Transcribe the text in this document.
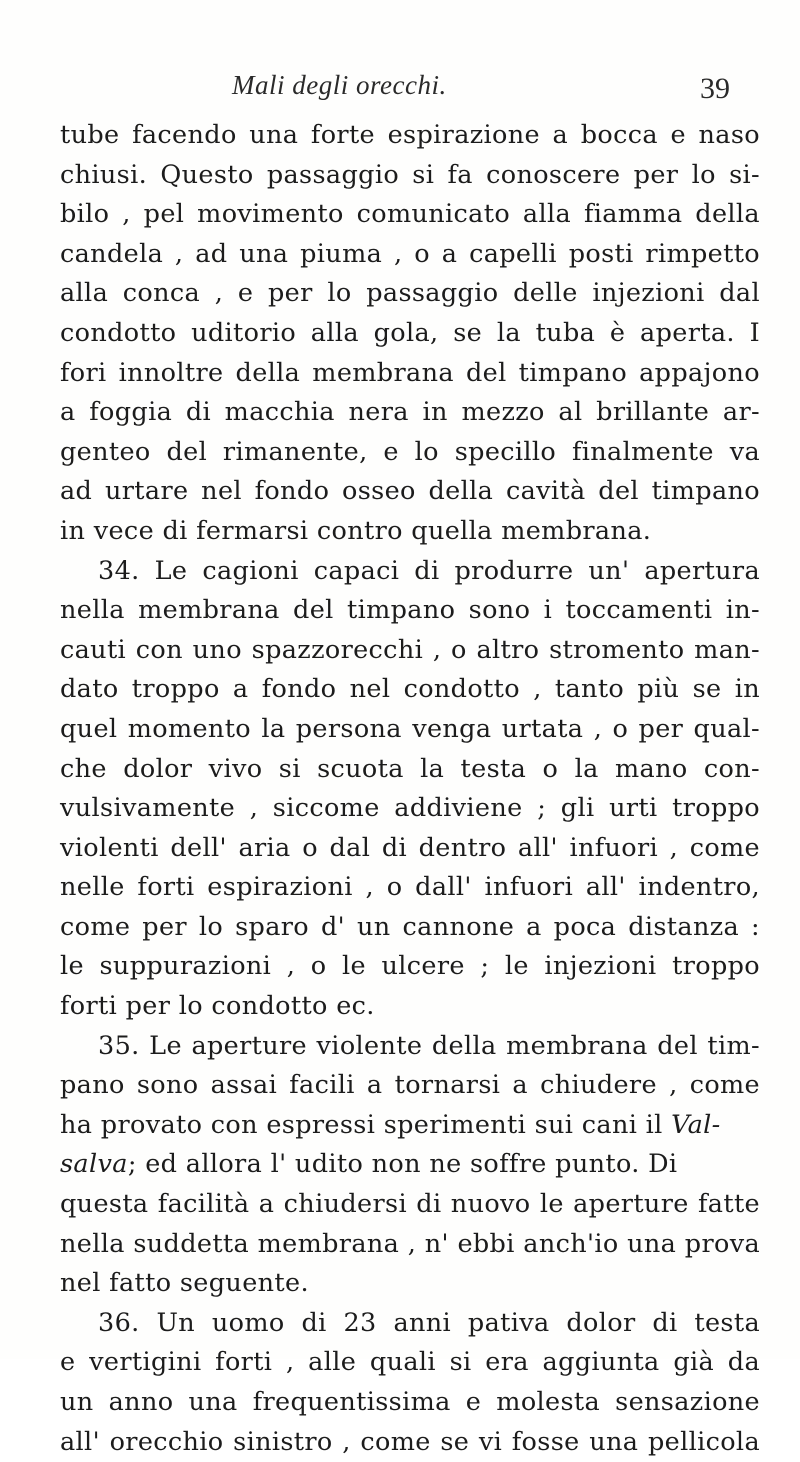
Mali degli orecchi.	39
tube facendo una forte espirazione a bocca e naso
chiusi. Questo passaggio si fa conoscere per lo si-
bilo , pel movimento comunicato alla fiamma della
candela , ad una piuma , o a capelli posti rimpetto
alla conca , e per lo passaggio delle injezioni dal
condotto uditorio alla gola, se la tuba è aperta. I
fori innoltre della membrana del timpano appajono
a foggia di macchia nera in mezzo al brillante ar-
genteo del rimanente, e lo specillo finalmente va
ad urtare nel fondo osseo della cavità del timpano
in vece di fermarsi contro quella membrana.
34. Le cagioni capaci di produrre un' apertura
nella membrana del timpano sono i toccamenti in-
cauti con uno spazzorecchi , o altro stromento man-
dato troppo a fondo nel condotto , tanto più se in
quel momento la persona venga urtata , o per qual-
che dolor vivo si scuota la testa o la mano con-
vulsivamente , siccome addiviene ; gli urti troppo
violenti dell' aria o dal di dentro all' infuori , come
nelle forti espirazioni , o dall' infuori all' indentro,
come per lo sparo d' un cannone a poca distanza :
le suppurazioni , o le ulcere ; le injezioni troppo
forti per lo condotto ec.
35. Le aperture violente della membrana del tim-
pano sono assai facili a tornarsi a chiudere , come
ha provato con espressi sperimenti sui cani il Val-
salva; ed allora l' udito non ne soffre punto. Di
questa facilità a chiudersi di nuovo le aperture fatte
nella suddetta membrana , n' ebbi anch'io una prova
nel fatto seguente.
36. Un uomo di 23 anni pativa dolor di testa
e vertigini forti , alle quali si era aggiunta già da
un anno una frequentissima e molesta sensazione
all' orecchio sinistro , come se vi fosse una pellicola
